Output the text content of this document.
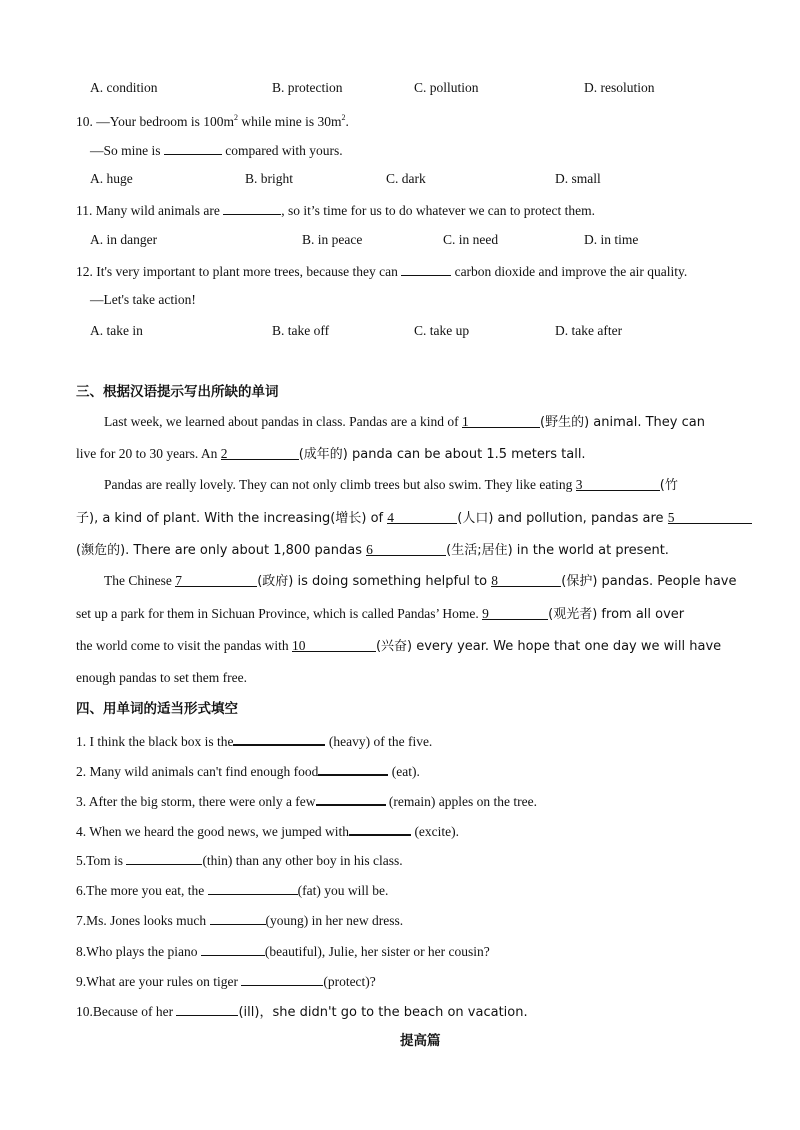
A. condition	B. protection	C. pollution	D. resolution
10. —Your bedroom is $100m^2$ while mine is $30m^2$.
—So mine is	compared with yours.
A. huge	B. bright	C. dark	D. small
11. Many wild animals are	, so it’s time for us to do whatever we can to protect them.
A. in danger	B. in peace	C. in need	D. in time
12. It's very important to plant more trees, because they can	carbon dioxide and improve the air quality.
—Let's take action!
A. take in	B. take off	C. take up	D. take after
三、根据汉语提示写出所缺的单词
Last week, we learned about pandas in class. Pandas are a kind of 1	(野生的) animal. They can
live for 20 to 30 years. An 2	(成年的) panda can be about 1.5 meters tall.
Pandas are really lovely. They can not only climb trees but also swim. They like eating 3	(竹
子), a kind of plant. With the increasing(增长) of 4	(人口) and pollution, pandas are 5
(濒危的). There are only about 1,800 pandas 6	(生活;居住) in the world at present.
The Chinese 7	(政府) is doing something helpful to 8	(保护) pandas. People have
set up a park for them in Sichuan Province, which is called Pandas’ Home. 9	(观光者) from all over
the world come to visit the pandas with 10	(兴奋) every year. We hope that one day we will have
enough pandas to set them free.
四、用单词的适当形式填空
1. I think the black box is the	(heavy) of the five.
2. Many wild animals can't find enough food	(eat).
3. After the big storm, there were only a few	(remain) apples on the tree.
4. When we heard the good news, we jumped with	(excite).
5.Tom is	(thin) than any other boy in his class.
6.The more you eat, the	(fat) you will be.
7.Ms. Jones looks much	(young) in her new dress.
8.Who plays the piano	(beautiful), Julie, her sister or her cousin?
9.What are your rules on tiger	(protect)?
10.Because of her	(ill)，she didn't go to the beach on vacation.
提高篇
